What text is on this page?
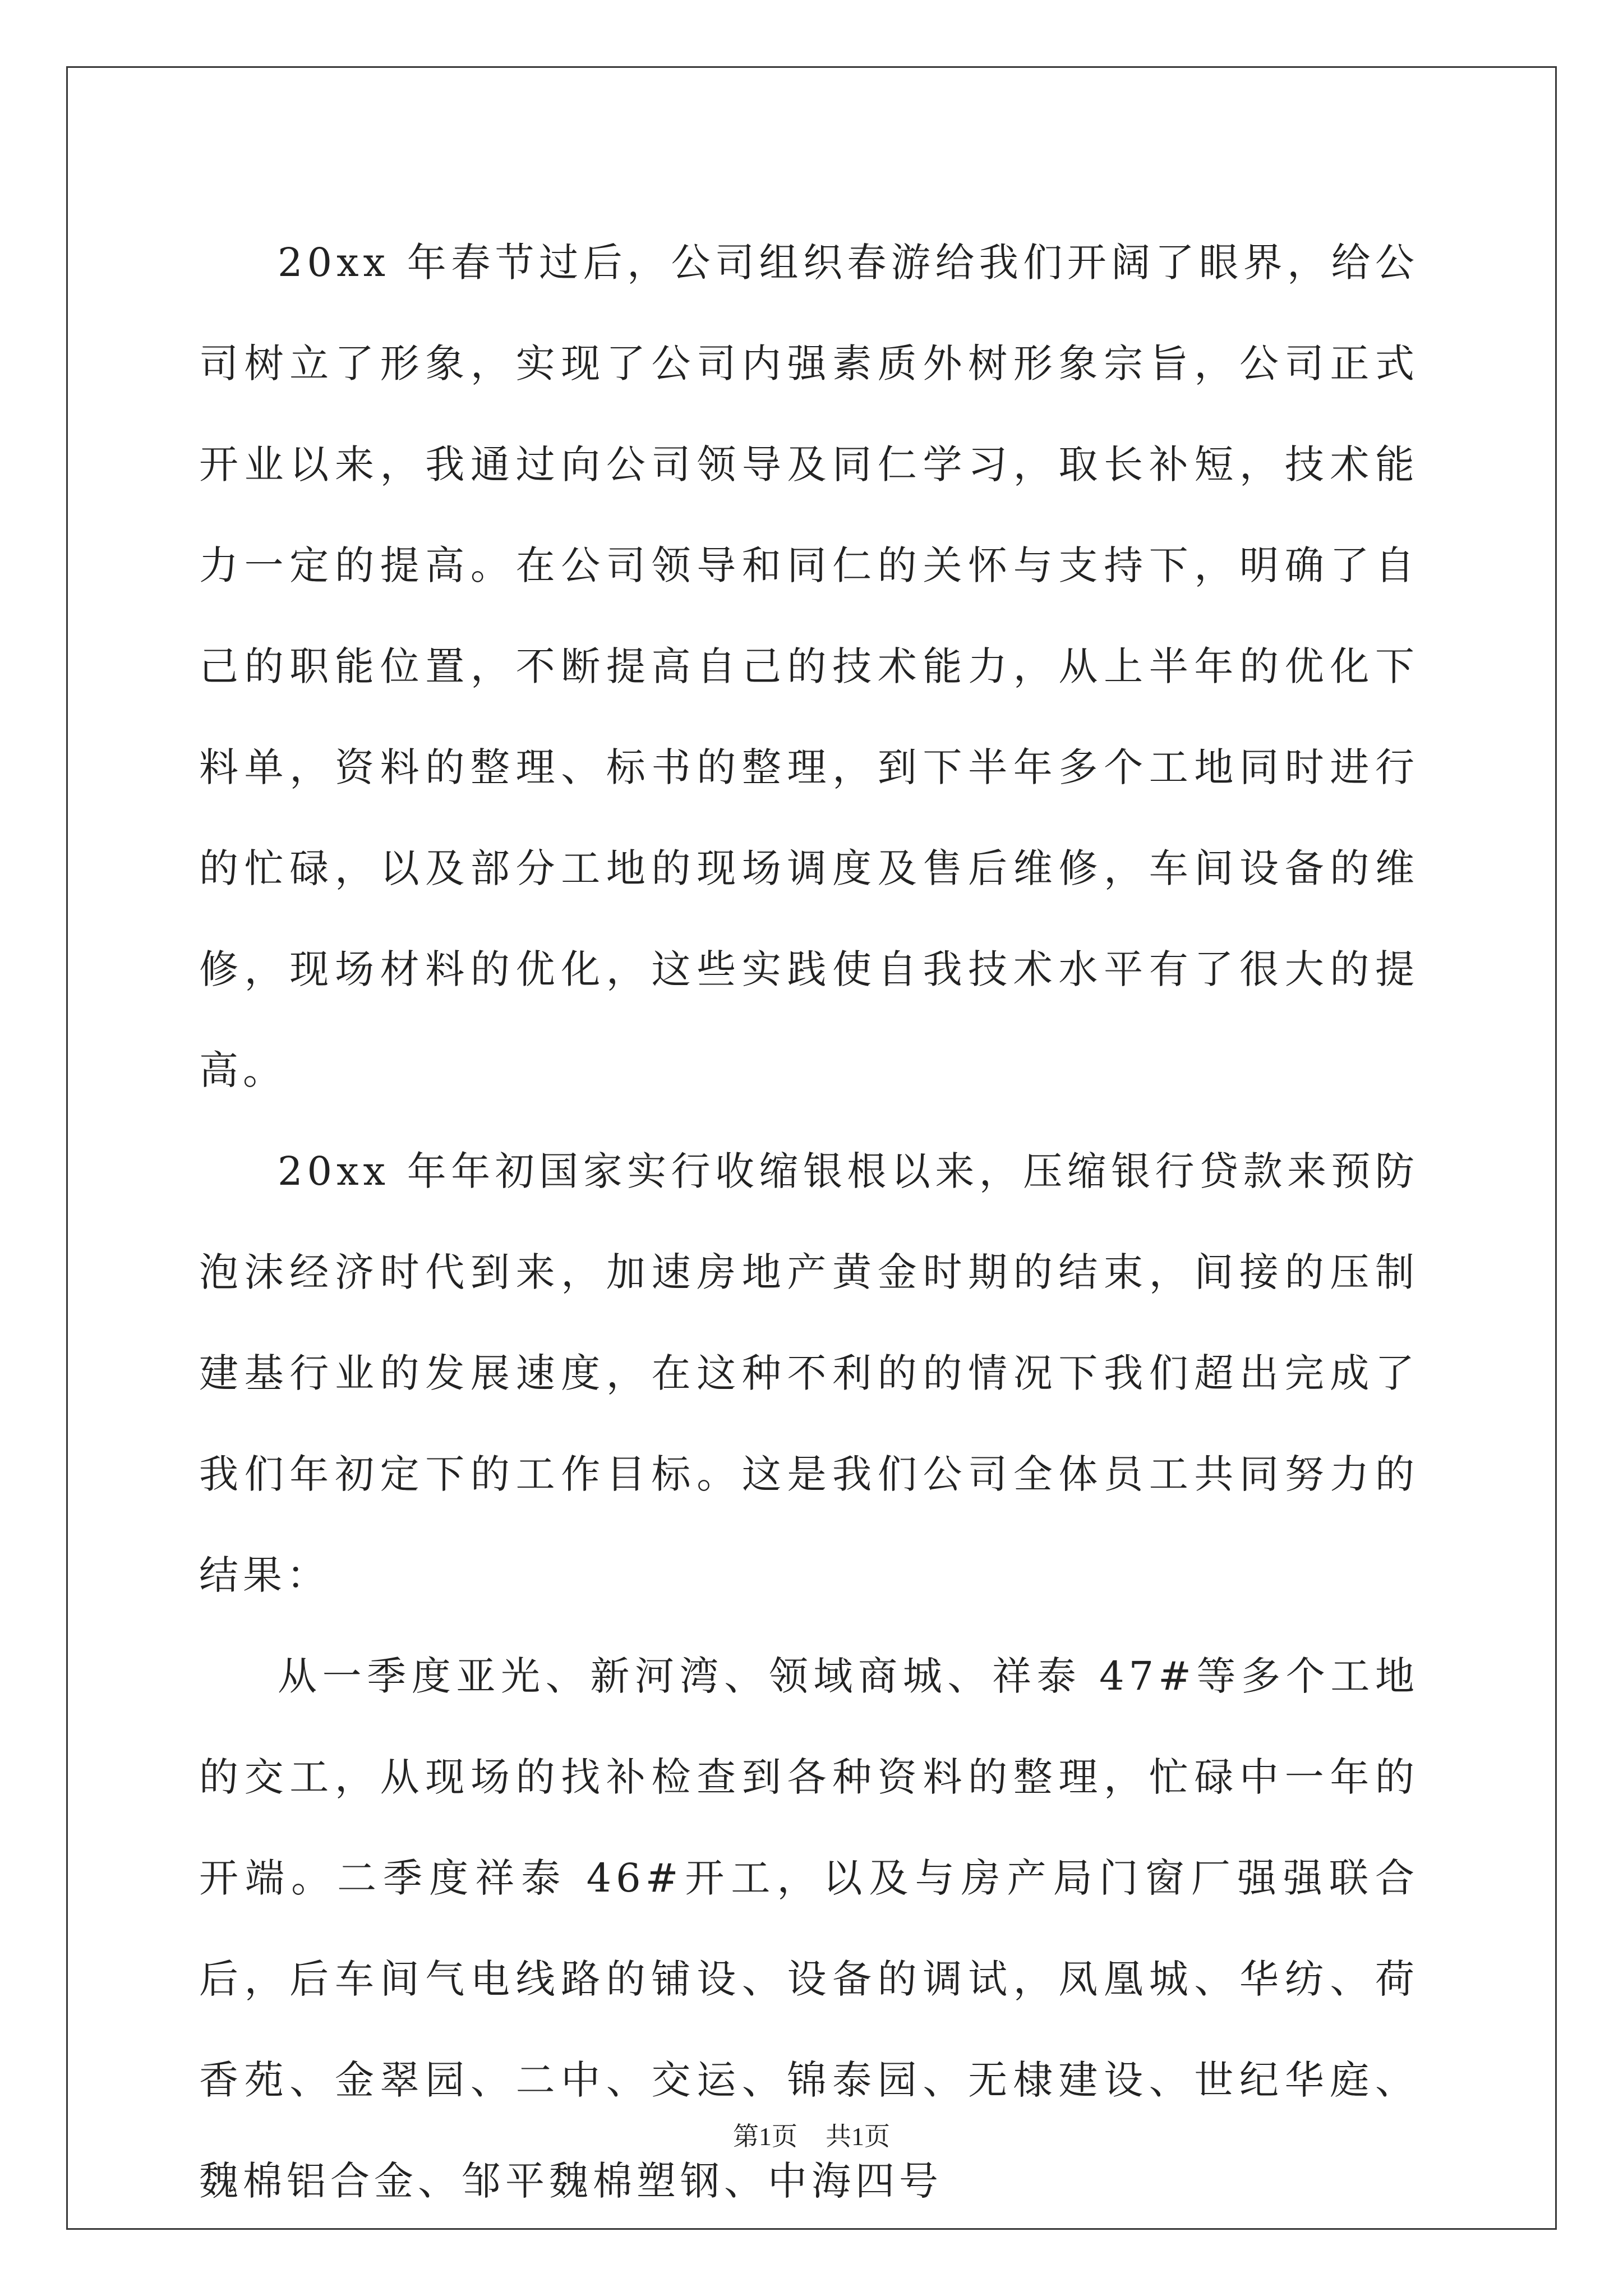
20xx 年春节过后，公司组织春游给我们开阔了眼界，给公司树立了形象，实现了公司内强素质外树形象宗旨，公司正式开业以来，我通过向公司领导及同仁学习，取长补短，技术能力一定的提高。在公司领导和同仁的关怀与支持下，明确了自己的职能位置，不断提高自己的技术能力，从上半年的优化下料单，资料的整理、标书的整理，到下半年多个工地同时进行的忙碌，以及部分工地的现场调度及售后维修，车间设备的维修，现场材料的优化，这些实践使自我技术水平有了很大的提高。

20xx 年年初国家实行收缩银根以来，压缩银行贷款来预防泡沫经济时代到来，加速房地产黄金时期的结束，间接的压制建基行业的发展速度，在这种不利的的情况下我们超出完成了我们年初定下的工作目标。这是我们公司全体员工共同努力的结果：

从一季度亚光、新河湾、领域商城、祥泰 47#等多个工地的交工，从现场的找补检查到各种资料的整理，忙碌中一年的开端。二季度祥泰 46#开工，以及与房产局门窗厂强强联合后，后车间气电线路的铺设、设备的调试，凤凰城、华纺、荷香苑、金翠园、二中、交运、锦泰园、无棣建设、世纪华庭、魏棉铝合金、邹平魏棉塑钢、中海四号

第1页 共1页
